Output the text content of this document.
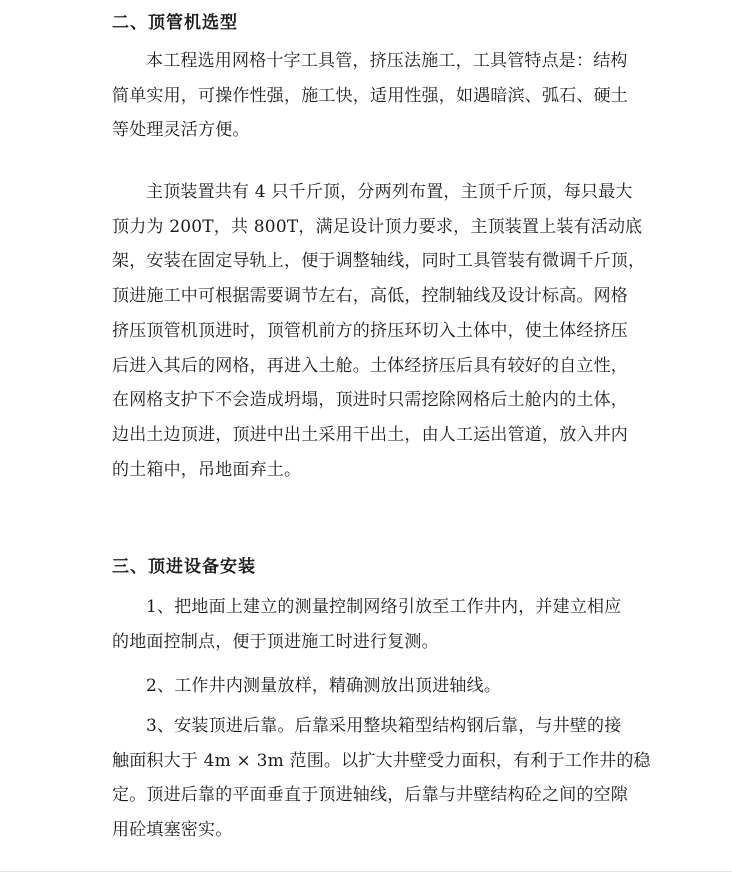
二、顶管机选型
本工程选用网格十字工具管，挤压法施工，工具管特点是：结构
简单实用，可操作性强，施工快，适用性强，如遇暗滨、弧石、硬土
等处理灵活方便。
主顶装置共有 4 只千斤顶，分两列布置，主顶千斤顶，每只最大
顶力为 200T，共 800T，满足设计顶力要求，主顶装置上装有活动底
架，安装在固定导轨上，便于调整轴线，同时工具管装有微调千斤顶，
顶进施工中可根据需要调节左右，高低，控制轴线及设计标高。网格
挤压顶管机顶进时，顶管机前方的挤压环切入土体中，使土体经挤压
后进入其后的网格，再进入土舱。土体经挤压后具有较好的自立性，
在网格支护下不会造成坍塌，顶进时只需挖除网格后土舱内的土体，
边出土边顶进，顶进中出土采用干出土，由人工运出管道，放入井内
的土箱中，吊地面弃土。
三、顶进设备安装
1、把地面上建立的测量控制网络引放至工作井内，并建立相应
的地面控制点，便于顶进施工时进行复测。
2、工作井内测量放样，精确测放出顶进轴线。
3、安装顶进后靠。后靠采用整块箱型结构钢后靠，与井壁的接
触面积大于 4m × 3m 范围。以扩大井壁受力面积，有利于工作井的稳
定。顶进后靠的平面垂直于顶进轴线，后靠与井壁结构砼之间的空隙
用砼填塞密实。
